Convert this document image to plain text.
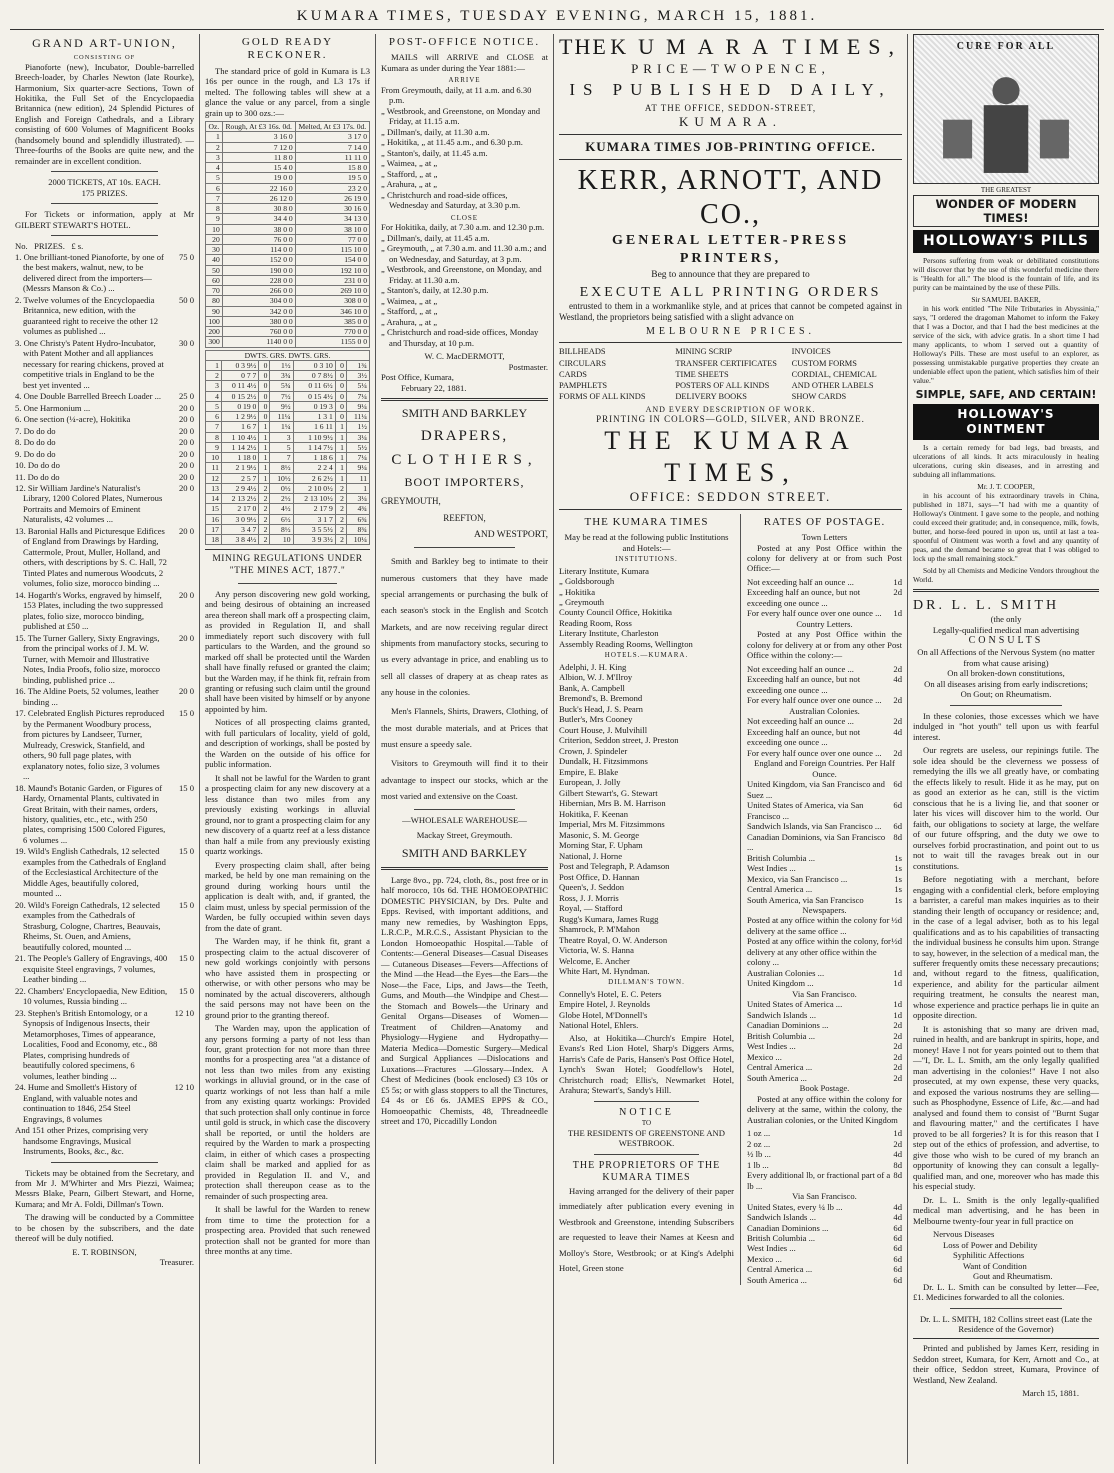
KUMARA TIMES, TUESDAY EVENING, MARCH 15, 1881.
GRAND ART-UNION,
CONSISTING OF

Pianoforte (new), Incubator, Double-barrelled Breech-loader, by Charles Newton (late Rourke), Harmonium, Six quarter-acre Sections, Town of Hokitika, the Full Set of the Encyclopaedia Britannica (new edition), 24 Splendid Pictures of English and Foreign Cathedrals, and a Library consisting of 600 Volumes of Magnificent Books (handsomely bound and splendidly illustrated). — Three-fourths of the Books are quite new, and the remainder are in excellent condition.

2000 TICKETS, AT 10s. EACH.
175 PRIZES.

For Tickets or information, apply at Mr GILBERT STEWART'S HOTEL.

No.   PRIZES.   £ s.
1. One brilliant-toned Pianoforte, by one of the best makers, walnut, new, to be delivered direct from the importers— (Messrs Manson & Co.) ...
75 0
2. Twelve volumes of the Encyclopaedia Britannica, new edition, with the guaranteed right to receive the other 12 volumes as published ...
50 0
3. One Christy's Patent Hydro-Incubator, with Patent Mother and all appliances necessary for rearing chickens, proved at competitive trials in England to be the best yet invented ...
30 0
4. One Double Barrelled Breech Loader ...	25 0
5. One Harmonium ...	20 0
6. One section (¼-acre), Hokitika	20 0
7. Do do do	20 0
8. Do do do	20 0
9. Do do do	20 0
10. Do do do	20 0
11. Do do do	20 0
12. Sir William Jardine's Naturalist's Library, 1200 Colored Plates, Numerous Portraits and Memoirs of Eminent Naturalists, 42 volumes ...
20 0
13. Baronial Halls and Picturesque Edifices of England from Drawings by Harding, Cattermole, Prout, Muller, Holland, and others, with descriptions by S. C. Hall, 72 Tinted Plates and numerous Woodcuts, 2 volumes, folio size, morocco binding ...
20 0
14. Hogarth's Works, engraved by himself, 153 Plates, including the two suppressed plates, folio size, morocco binding, published at £50 ...
20 0
15. The Turner Gallery, Sixty Engravings, from the principal works of J. M. W. Turner, with Memoir and Illustrative Notes, India Proofs, folio size, morocco binding, published price ...
20 0
16. The Aldine Poets, 52 volumes, leather binding ...
20 0
17. Celebrated English Pictures reproduced by the Permanent Woodbury process, from pictures by Landseer, Turner, Mulready, Creswick, Stanfield, and others, 90 full page plates, with explanatory notes, folio size, 3 volumes ...
15 0
18. Maund's Botanic Garden, or Figures of Hardy, Ornamental Plants, cultivated in Great Britain, with their names, orders, history, qualities, etc., etc., with 250 plates, comprising 1500 Colored Figures, 6 volumes ...
15 0
19. Wild's English Cathedrals, 12 selected examples from the Cathedrals of England of the Ecclesiastical Architecture of the Middle Ages, beautifully colored, mounted ...
15 0
20. Wild's Foreign Cathedrals, 12 selected examples from the Cathedrals of Strasburg, Cologne, Chartres, Beauvais, Rheims, St. Ouen, and Amiens, beautifully colored, mounted ...
15 0
21. The People's Gallery of Engravings, 400 exquisite Steel engravings, 7 volumes, Leather binding ...
15 0
22. Chambers' Encyclopaedia, New Edition, 10 volumes, Russia binding ...
15 0
23. Stephen's British Entomology, or a Synopsis of Indigenous Insects, their Metamorphoses, Times of appearance, Localities, Food and Economy, etc., 88 Plates, comprising hundreds of beautifully colored specimens, 6 volumes, leather binding ...
12 10
24. Hume and Smollett's History of England, with valuable notes and continuation to 1846, 254 Steel Engravings, 8 volumes
12 10
And 151 other Prizes, comprising very handsome Engravings, Musical Instruments, Books, &c., &c.

Tickets may be obtained from the Secretary, and from Mr J. M'Whirter and Mrs Piezzi, Waimea; Messrs Blake, Pearn, Gilbert Stewart, and Horne, Kumara; and Mr A. Foldi, Dillman's Town.

The drawing will be conducted by a Committee to be chosen by the subscribers, and the date thereof will be duly notified.

E. T. ROBINSON,
Treasurer.
GOLD READY RECKONER.

The standard price of gold in Kumara is L3 16s per ounce in the rough, and L3 17s if melted. The following tables will shew at a glance the value or any parcel, from a single grain up to 300 ozs.:—

Oz.	Rough, At £3 16s. 0d.	Melted, At £3 17s. 0d.
1	3 16 0	3 17 0
2	7 12 0	7 14 0
3	11 8 0	11 11 0
4	15 4 0	15 8 0
5	19 0 0	19 5 0
6	22 16 0	23 2 0
7	26 12 0	26 19 0
8	30 8 0	30 16 0
9	34 4 0	34 13 0
10	38 0 0	38 10 0
20	76 0 0	77 0 0
30	114 0 0	115 10 0
40	152 0 0	154 0 0
50	190 0 0	192 10 0
60	228 0 0	231 0 0
70	266 0 0	269 10 0
80	304 0 0	308 0 0
90	342 0 0	346 10 0
100	380 0 0	385 0 0
200	760 0 0	770 0 0
300	1140 0 0	1155 0 0
DWTS. GRS. DWTS. GRS.						
1	0 3 9½	0	1½	0 3 10	0	1¾
2	0 7 7	0	3¾	0 7 8½	0	3½
3	0 11 4½	0	5¾	0 11 6½	0	5¼
4	0 15 2½	0	7½	0 15 4½	0	7¼
5	0 19 0	0	9½	0 19 3	0	9¼
6	1 2 9½	0	11¼	1 3 1	0	11¼
7	1 6 7	1	1¼	1 6 11	1	1½
8	1 10 4½	1	3	1 10 9½	1	3¼
9	1 14 2½	1	5	1 14 7½	1	5½
10	1 18 0	1	7	1 18 6	1	7¼
11	2 1 9½	1	8½	2 2 4	1	9¼
12	2 5 7	1	10½	2 6 2½	1	11
13	2 9 4½	2	0½	2 10 0½	2	1
14	2 13 2½	2	2½	2 13 10½	2	3¼
15	2 17 0	2	4½	2 17 9	2	4¾
16	3 0 9½	2	6½	3 1 7	2	6¾
17	3 4 7	2	8½	3 5 5½	2	8¾
18	3 8 4½	2	10	3 9 3½	2	10¼
MINING REGULATIONS UNDER "THE MINES ACT, 1877."

Any person discovering new gold working, and being desirous of obtaining an increased area thereon shall mark off a prospecting claim, as provided in Regulation II, and shall immediately report such discovery with full particulars to the Warden, and the ground so marked off shall be protected until the Warden shall have finally refused or granted the claim; but the Warden may, if he think fit, refrain from granting or refusing such claim until the ground shall have been visited by himself or by anyone appointed by him.

Notices of all prospecting claims granted, with full particulars of locality, yield of gold, and description of workings, shall be posted by the Warden on the outside of his office for public information.

It shall not be lawful for the Warden to grant a prospecting claim for any new discovery at a less distance than two miles from any previously existing workings in alluvial ground, nor to grant a prospecting claim for any new discovery of a quartz reef at a less distance than half a mile from any previously existing quartz workings.

Every prospecting claim shall, after being marked, be held by one man remaining on the ground during working hours until the application is dealt with, and, if granted, the claim must, unless by special permission of the Warden, be fully occupied within seven days from the date of grant.

The Warden may, if he think fit, grant a prospecting claim to the actual discoverer of new gold workings conjointly with persons who have assisted them in prospecting or otherwise, or with other persons who may be nominated by the actual discoverers, although the said persons may not have been on the ground prior to the granting thereof.

The Warden may, upon the application of any persons forming a party of not less than four, grant protection for not more than three months for a prospecting area "at a distance of not less than two miles from any existing workings in alluvial ground, or in the case of quartz workings of not less than half a mile from any existing quartz workings: Provided that such protection shall only continue in force until gold is struck, in which case the discovery shall be reported, or until the holders are required by the Warden to mark a prospecting claim, in either of which cases a prospecting claim shall be marked and applied for as provided in Regulation II. and V., and protection shall thereupon cease as to the remainder of such prospecting area.

It shall be lawful for the Warden to renew from time to time the protection for a prospecting area. Provided that such renewed protection shall not be granted for more than three months at any time.

POST-OFFICE NOTICE.

MAILS will ARRIVE and CLOSE at Kumara as under during the Year 1881:—

ARRIVE
From Greymouth, daily, at 11 a.m. and 6.30 p.m.
„ Westbrook, and Greenstone, on Monday and Friday, at 11.15 a.m.
„ Dillman's, daily, at 11.30 a.m.
„ Hokitika, „ at 11.45 a.m., and 6.30 p.m.
„ Stanton's, daily, at 11.45 a.m.
„ Waimea, „ at „
„ Stafford, „ at „
„ Arahura, „ at „
„ Christchurch and road-side offices, Wednesday and Saturday, at 3.30 p.m.
CLOSE
For Hokitika, daily, at 7.30 a.m. and 12.30 p.m.
„ Dillman's, daily, at 11.45 a.m.
„ Greymouth, „ at 7.30 a.m. and 11.30 a.m.; and on Wednesday, and Saturday, at 3 p.m.
„ Westbrook, and Greenstone, on Monday, and Friday. at 11.30 a.m.
„ Stanton's, daily, at 12.30 p.m.
„ Waimea, „ at „
„ Stafford, „ at „
„ Arahura, „ at „
„ Christchurch and road-side offices, Monday and Thursday, at 10 p.m.
W. C. MacDERMOTT,
Postmaster.
Post Office, Kumara,
February 22, 1881.
SMITH AND BARKLEY
DRAPERS,
CLOTHIERS,
BOOT IMPORTERS,
GREYMOUTH,
REEFTON,
AND WESTPORT,

Smith and Barkley beg to intimate to their numerous customers that they have made special arrangements or purchasing the bulk of each season's stock in the English and Scotch Markets, and are now receiving regular direct shipments from manufactory stocks, securing to us every advantage in price, and enabling us to sell all classes of drapery at as cheap rates as any house in the colonies.

Men's Flannels, Shirts, Drawers, Clothing, of the most durable materials, and at Prices that must ensure a speedy sale.

Visitors to Greymouth will find it to their advantage to inspect our stocks, which ar the most varied and extensive on the Coast.

—WHOLESALE WAREHOUSE—
Mackay Street, Greymouth.
SMITH AND BARKLEY

Large 8vo., pp. 724, cloth, 8s., post free or in half morocco, 10s 6d. THE HOMOEOPATHIC DOMESTIC PHYSICIAN, by Drs. Pulte and Epps. Revised, with important additions, and many new remedies, by Washington Epps, L.R.C.P., M.R.C.S., Assistant Physician to the London Homoeopathic Hospital.—Table of Contents:—General Diseases—Casual Diseases — Cutaneous Diseases—Fevers—Affections of the Mind —the Head—the Eyes—the Ears—the Nose—the Face, Lips, and Jaws—the Teeth, Gums, and Mouth—the Windpipe and Chest—the Stomach and Bowels—the Urinary and Genital Organs—Diseases of Women—Treatment of Children—Anatomy and Physiology—Hygiene and Hydropathy—Materia Medica—Domestic Surgery—Medical and Surgical Appliances —Dislocations and Luxations—Fractures —Glossary—Index. A Chest of Medicines (book enclosed) £3 10s or £5 5s; or with glass stoppers to all the Tinctures, £4 4s or £6 6s. JAMES EPPS & CO., Homoeopathic Chemists, 48, Threadneedle street and 170, Piccadilly London

THE KUMARA TIMES,
PRICE—TWOPENCE,
IS PUBLISHED DAILY,
AT THE OFFICE, SEDDON-STREET,
KUMARA.
KUMARA TIMES JOB-PRINTING OFFICE.
KERR, ARNOTT, AND CO.,
GENERAL LETTER-PRESS PRINTERS,
Beg to announce that they are prepared to
EXECUTE ALL PRINTING ORDERS

entrusted to them in a workmanlike style, and at prices that cannot be competed against in Westland, the proprietors being satisfied with a slight advance on

MELBOURNE PRICES.
BILLHEADS	MINING SCRIP	INVOICES
CIRCULARS	TRANSFER CERTIFICATES	CUSTOM FORMS
CARDS	TIME SHEETS	CORDIAL, CHEMICAL
PAMPHLETS	POSTERS OF ALL KINDS	AND OTHER LABELS
FORMS OF ALL KINDS	DELIVERY BOOKS	SHOW CARDS
AND EVERY DESCRIPTION OF WORK.
PRINTING IN COLORS—GOLD, SILVER, AND BRONZE.
THE KUMARA TIMES,
OFFICE: SEDDON STREET.
THE KUMARA TIMES
May be read at the following public Institutions and Hotels:—
INSTITUTIONS.
Literary Institute, Kumara
„ Goldsborough
„ Hokitika
„ Greymouth
County Council Office, Hokitika
Reading Room, Ross
Literary Institute, Charleston
Assembly Reading Rooms, Wellington
HOTELS.—KUMARA.
Adelphi, J. H. King
Albion, W. J. M'Ilroy
Bank, A. Campbell
Bremond's, B. Bremond
Buck's Head, J. S. Pearn
Butler's, Mrs Cooney
Court House, J. Mulvihill
Criterion, Seddon street, J. Preston
Crown, J. Spindeler
Dundalk, H. Fitzsimmons
Empire, E. Blake
European, J. Jolly
Gilbert Stewart's, G. Stewart
Hibernian, Mrs B. M. Harrison
Hokitika, F. Keenan
Imperial, Mrs M. Fitzsimmons
Masonic, S. M. George
Morning Star, F. Upham
National, J. Horne
Post and Telegraph, P. Adamson
Post Office, D. Hannan
Queen's, J. Seddon
Ross, J. J. Morris
Royal, — Stafford
Rugg's Kumara, James Rugg
Shamrock, P. M'Mahon
Theatre Royal, O. W. Anderson
Victoria, W. S. Hanna
Welcome, E. Ancher
White Hart, M. Hyndman.
DILLMAN'S TOWN.
Connelly's Hotel, E. C. Peters
Empire Hotel, J. Reynolds
Globe Hotel, M'Donnell's
National Hotel, Ehlers.

Also, at Hokitika—Church's Empire Hotel, Evans's Red Lion Hotel, Sharp's Diggers Arms, Harris's Cafe de Paris, Hansen's Post Office Hotel, Lynch's Swan Hotel; Goodfellow's Hotel, Christchurch road; Ellis's, Newmarket Hotel, Arahura; Stewart's, Sandy's Hill.

NOTICE
TO
THE RESIDENTS OF GREENSTONE AND WESTBROOK.
THE PROPRIETORS OF THE KUMARA TIMES

Having arranged for the delivery of their paper immediately after publication every evening in Westbrook and Greenstone, intending Subscribers are requested to leave their Names at Keesn and Molloy's Store, Westbrook; or at King's Adelphi Hotel, Green stone

RATES OF POSTAGE.
Town Letters

Posted at any Post Office within the colony for delivery at or from such Post Office:—

Not exceeding half an ounce ...	1d
Exceeding half an ounce, but not exceeding one ounce ...
2d
For every half ounce over one ounce ... 1d
Country Letters.

Posted at any Post Office within the colony for delivery at or from any other Post Office within the colony:—

Not exceeding half an ounce ...	2d
Exceeding half an ounce, but not exceeding one ounce ...
4d
For every half ounce over one ounce ... 2d
Australian Colonies.
Not exceeding half an ounce ...	2d
Exceeding half an ounce, but not exceeding one ounce ...
4d
For every half ounce over one ounce ... 2d
England and Foreign Countries. Per Half Ounce.
United Kingdom, via San Francisco and Suez ...
6d
United States of America, via San Francisco ...
6d
Sandwich Islands, via San Francisco ... 6d
Canadian Dominions, via San Francisco ...
8d
British Columbia ...	1s
West Indies ...	1s
Mexico, via San Francisco ...	1s
Central America ...	1s
South America, via San Francisco	1s
Newspapers.
Posted at any office within the colony for delivery at the same office ...
½d
Posted at any office within the colony, for delivery at any other office within the colony ...
½d
Australian Colonies ...	1d
United Kingdom ...	1d
Via San Francisco.
United States of America ...	1d
Sandwich Islands ...	1d
Canadian Dominions ...	2d
British Columbia ...	2d
West Indies ...	2d
Mexico ...	2d
Central America ...	2d
South America ...	2d
Book Postage.

Posted at any office within the colony for delivery at the same, within the colony, the Australian colonies, or the United Kingdom

1 oz ...	1d
2 oz ...	2d
½ lb ...	4d
1 lb ...	8d
Every additional lb, or fractional part of a lb ...
8d
Via San Francisco.
United States, every ¼ lb ...	4d
Sandwich Islands ...	4d
Canadian Dominions ...	6d
British Columbia ...	6d
West Indies ...	6d
Mexico ...	6d
Central America ...	6d
South America ...	6d
CURE FOR ALL
THE GREATEST
WONDER OF MODERN TIMES!
HOLLOWAY'S PILLS

Persons suffering from weak or debilitated constitutions will discover that by the use of this wonderful medicine there is "Health for all." The blood is the fountain of life, and its purity can be maintained by the use of these Pills.

Sir SAMUEL BAKER,

in his work entitled "The Nile Tributaries in Abyssinia," says, "I ordered the dragoman Mahomet to inform the Fakey that I was a Doctor, and that I had the best medicines at the service of the sick, with advice gratis. In a short time I had many applicants, to whom I served out a quantity of Holloway's Pills. These are most useful to an explorer, as possessing unmistakable purgative properties they create an undeniable effect upon the patient, which satisfies him of their value."

SIMPLE, SAFE, AND CERTAIN!
HOLLOWAY'S OINTMENT

Is a certain remedy for bad legs, bad breasts, and ulcerations of all kinds. It acts miraculously in healing ulcerations, curing skin diseases, and in arresting and subduing all inflammations.

Mr. J. T. COOPER,

in his account of his extraordinary travels in China, published in 1871, says—"I had with me a quantity of Holloway's Ointment. I gave some to the people, and nothing could exceed their gratitude; and, in consequence, milk, fowls, butter, and horse-feed poured in upon us, until at last a tea-spoonful of Ointment was worth a fowl and any quantity of peas, and the demand became so great that I was obliged to lock up the small remaining stock."

Sold by all Chemists and Medicine Vendors throughout the World.

DR. L. L. SMITH
(the only
Legally-qualified medical man advertising
CONSULTS
On all Affections of the Nervous System (no matter from what cause arising)
On all broken-down constitutions,
On all diseases arising from early indiscretions;
On Gout; on Rheumatism.

In these colonies, those excesses which we have indulged in "hot youth" tell upon us with fearful interest.

Our regrets are useless, our repinings futile. The sole idea should be the cleverness we possess of remedying the ills we all greatly have, or combating the effects likely to result. Hide it as he may, put on as good an exterior as he can, still is the victim conscious that he is a living lie, and that sooner or later his vices will discover him to the world. Our faith, our obligations to society at large, the welfare of our future offspring, and the duty we owe to ourselves forbid procrastination, and point out to us not to wait till the ravages break out in our constitutions.

Before negotiating with a merchant, before engaging with a confidential clerk, before employing a barrister, a careful man makes inquiries as to their standing their length of occupancy or residence; and, in the case of a legal adviser, both as to his legal qualifications and as to his capabilities of transacting the individual business he consults him upon. Strange to say, however, in the selection of a medical man, the sufferer frequently omits these necessary precautions; and, without regard to the fitness, qualification, experience, and ability for the particular ailment requiring treatment, he consults the nearest man, whose experience and practice perhaps lie in quite an opposite direction.

It is astonishing that so many are driven mad, ruined in health, and are bankrupt in spirits, hope, and money! Have I not for years pointed out to them that—"I, Dr. L. L. Smith, am the only legally qualified man advertising in the colonies!" Have I not also prosecuted, at my own expense, these very quacks, and exposed the various nostrums they are selling—such as Phosphodyne, Essence of Life, &c.—and had analysed and found them to consist of "Burnt Sugar and flavouring matter," and the certificates I have proved to be all forgeries? It is for this reason that I step out of the ethics of profession, and advertise, to give those who wish to be cured of my branch an opportunity of knowing they can consult a legally-qualified man, and one, moreover who has made this his especial study.

Dr. L. L. Smith is the only legally-qualified medical man advertising, and he has been in Melbourne twenty-four year in full practice on

Nervous Diseases
Loss of Power and Debility
Syphilitic Affections
Want of Condition
Gout and Rheumatism.

Dr. L. L. Smith can be consulted by letter—Fee, £1. Medicines forwarded to all the colonies.

Dr. L. L. SMITH, 182 Collins street east (Late the Residence of the Governor)

Printed and published by James Kerr, residing in Seddon street, Kumara, for Kerr, Arnott and Co., at their office, Seddon street, Kumara, Province of Westland, New Zealand.

March 15, 1881.
